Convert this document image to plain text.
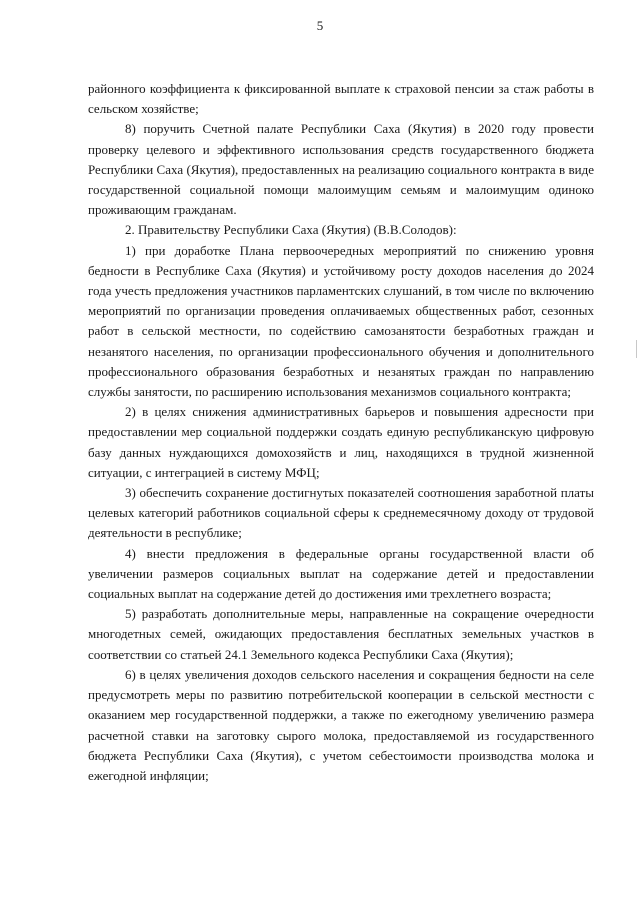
5

районного коэффициента к фиксированной выплате к страховой пенсии за стаж работы в сельском хозяйстве;

8) поручить Счетной палате Республики Саха (Якутия) в 2020 году провести проверку целевого и эффективного использования средств государственного бюджета Республики Саха (Якутия), предоставленных на реализацию социального контракта в виде государственной социальной помощи малоимущим семьям и малоимущим одиноко проживающим гражданам.

2. Правительству Республики Саха (Якутия) (В.В.Солодов):

1) при доработке Плана первоочередных мероприятий по снижению уровня бедности в Республике Саха (Якутия) и устойчивому росту доходов населения до 2024 года учесть предложения участников парламентских слушаний, в том числе по включению мероприятий по организации проведения оплачиваемых общественных работ, сезонных работ в сельской местности, по содействию самозанятости безработных граждан и незанятого населения, по организации профессионального обучения и дополнительного профессионального образования безработных и незанятых граждан по направлению службы занятости, по расширению использования механизмов социального контракта;

2) в целях снижения административных барьеров и повышения адресности при предоставлении мер социальной поддержки создать единую республиканскую цифровую базу данных нуждающихся домохозяйств и лиц, находящихся в трудной жизненной ситуации, с интеграцией в систему МФЦ;

3) обеспечить сохранение достигнутых показателей соотношения заработной платы целевых категорий работников социальной сферы к среднемесячному доходу от трудовой деятельности в республике;

4) внести предложения в федеральные органы государственной власти об увеличении размеров социальных выплат на содержание детей и предоставлении социальных выплат на содержание детей до достижения ими трехлетнего возраста;

5) разработать дополнительные меры, направленные на сокращение очередности многодетных семей, ожидающих предоставления бесплатных земельных участков в соответствии со статьей 24.1 Земельного кодекса Республики Саха (Якутия);

6) в целях увеличения доходов сельского населения и сокращения бедности на селе предусмотреть меры по развитию потребительской кооперации в сельской местности с оказанием мер государственной поддержки, а также по ежегодному увеличению размера расчетной ставки на заготовку сырого молока, предоставляемой из государственного бюджета Республики Саха (Якутия), с учетом себестоимости производства молока и ежегодной инфляции;
